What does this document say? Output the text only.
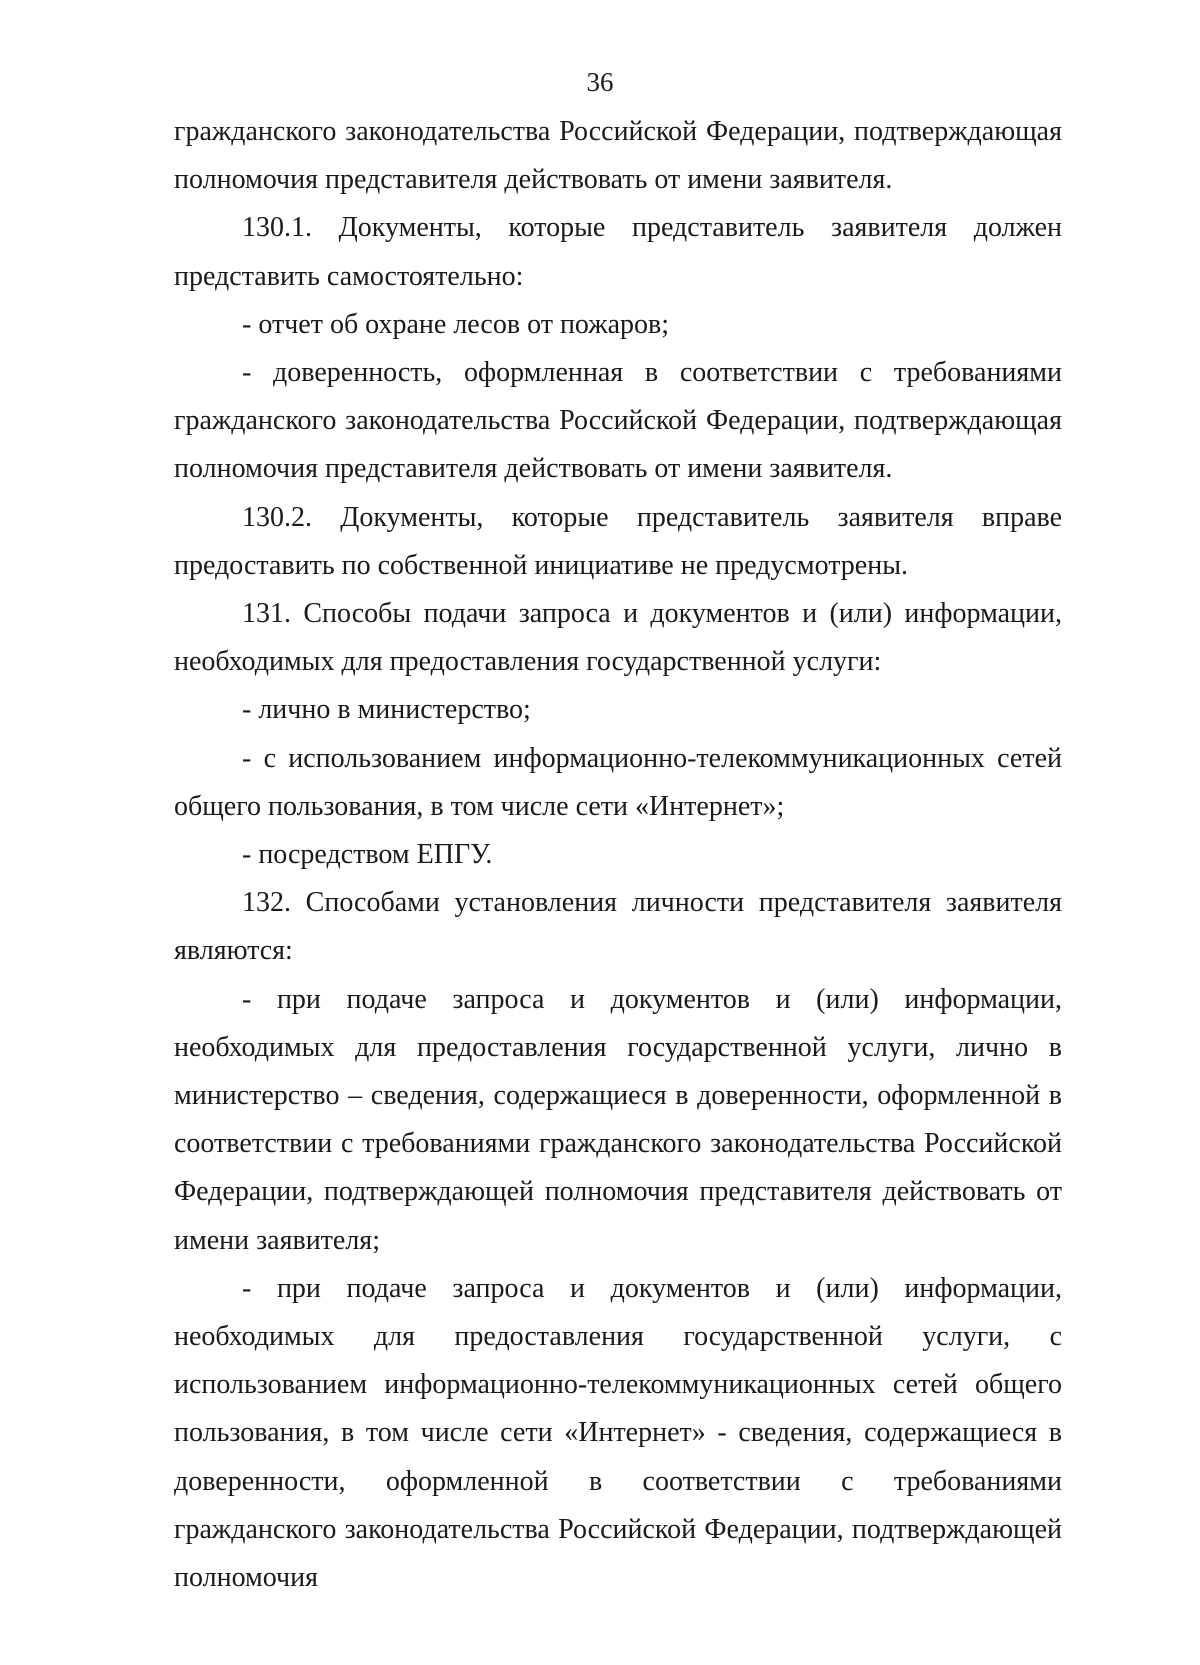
36

гражданского законодательства Российской Федерации, подтверждающая полномочия представителя действовать от имени заявителя.

130.1. Документы, которые представитель заявителя должен представить самостоятельно:

- отчет об охране лесов от пожаров;

- доверенность, оформленная в соответствии с требованиями гражданского законодательства Российской Федерации, подтверждающая полномочия представителя действовать от имени заявителя.

130.2. Документы, которые представитель заявителя вправе предоставить по собственной инициативе не предусмотрены.

131. Способы подачи запроса и документов и (или) информации, необходимых для предоставления государственной услуги:

- лично в министерство;

- с использованием информационно-телекоммуникационных сетей общего пользования, в том числе сети «Интернет»;

- посредством ЕПГУ.

132. Способами установления личности представителя заявителя являются:

- при подаче запроса и документов и (или) информации, необходимых для предоставления государственной услуги, лично в министерство – сведения, содержащиеся в доверенности, оформленной в соответствии с требованиями гражданского законодательства Российской Федерации, подтверждающей полномочия представителя действовать от имени заявителя;

- при подаче запроса и документов и (или) информации, необходимых для предоставления государственной услуги, с использованием информационно-телекоммуникационных сетей общего пользования, в том числе сети «Интернет» - сведения, содержащиеся в доверенности, оформленной в соответствии с требованиями гражданского законодательства Российской Федерации, подтверждающей полномочия
